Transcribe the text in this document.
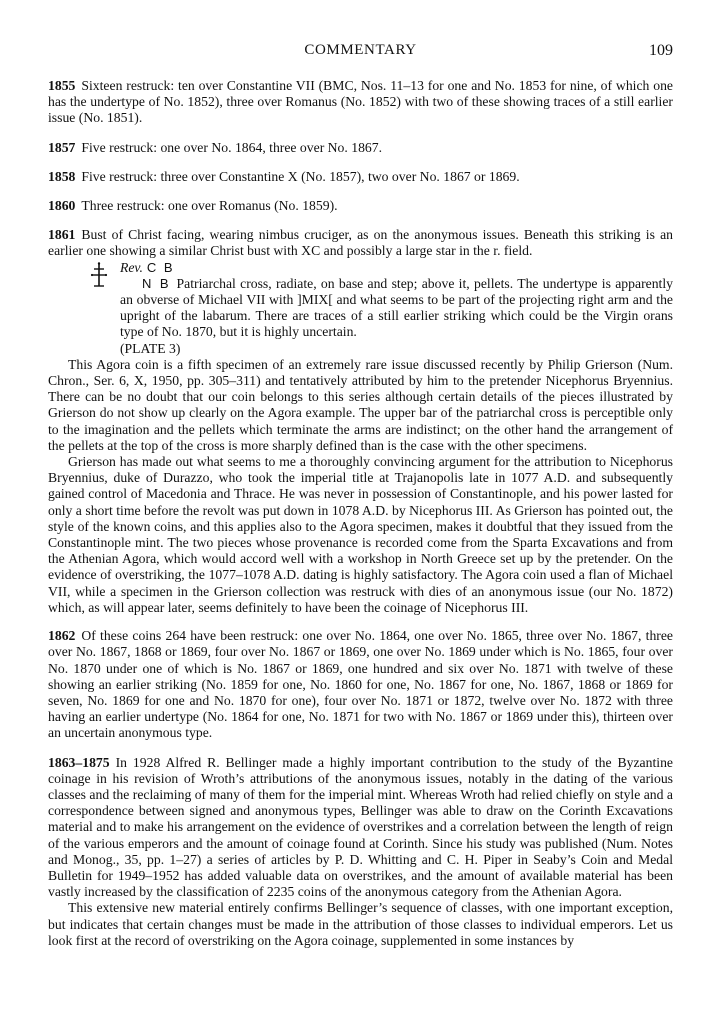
COMMENTARY	109

1855 Sixteen restruck: ten over Constantine VII (BMC, Nos. 11–13 for one and No. 1853 for nine, of which one has the undertype of No. 1852), three over Romanus (No. 1852) with two of these showing traces of a still earlier issue (No. 1851).

1857 Five restruck: one over No. 1864, three over No. 1867.

1858 Five restruck: three over Constantine X (No. 1857), two over No. 1867 or 1869.

1860 Three restruck: one over Romanus (No. 1859).

1861 Bust of Christ facing, wearing nimbus cruciger, as on the anonymous issues. Beneath this striking is an earlier one showing a similar Christ bust with XC and possibly a large star in the r. field.

Rev. C B

N B Patriarchal cross, radiate, on base and step; above it, pellets. The undertype is apparently an obverse of Michael VII with ]MIX[ and what seems to be part of the projecting right arm and the upright of the labarum. There are traces of a still earlier striking which could be the Virgin orans type of No. 1870, but it is highly uncertain.

(PLATE 3)

This Agora coin is a fifth specimen of an extremely rare issue discussed recently by Philip Grierson (Num. Chron., Ser. 6, X, 1950, pp. 305–311) and tentatively attributed by him to the pretender Nicephorus Bryennius. There can be no doubt that our coin belongs to this series although certain details of the pieces illustrated by Grierson do not show up clearly on the Agora example. The upper bar of the patriarchal cross is perceptible only to the imagination and the pellets which terminate the arms are indistinct; on the other hand the arrangement of the pellets at the top of the cross is more sharply defined than is the case with the other specimens.

Grierson has made out what seems to me a thoroughly convincing argument for the attribution to Nicephorus Bryennius, duke of Durazzo, who took the imperial title at Trajanopolis late in 1077 A.D. and subsequently gained control of Macedonia and Thrace. He was never in possession of Constantinople, and his power lasted for only a short time before the revolt was put down in 1078 A.D. by Nicephorus III. As Grierson has pointed out, the style of the known coins, and this applies also to the Agora specimen, makes it doubtful that they issued from the Constantinople mint. The two pieces whose provenance is recorded come from the Sparta Excavations and from the Athenian Agora, which would accord well with a workshop in North Greece set up by the pretender. On the evidence of overstriking, the 1077–1078 A.D. dating is highly satisfactory. The Agora coin used a flan of Michael VII, while a specimen in the Grierson collection was restruck with dies of an anonymous issue (our No. 1872) which, as will appear later, seems definitely to have been the coinage of Nicephorus III.

1862 Of these coins 264 have been restruck: one over No. 1864, one over No. 1865, three over No. 1867, three over No. 1867, 1868 or 1869, four over No. 1867 or 1869, one over No. 1869 under which is No. 1865, four over No. 1870 under one of which is No. 1867 or 1869, one hundred and six over No. 1871 with twelve of these showing an earlier striking (No. 1859 for one, No. 1860 for one, No. 1867 for one, No. 1867, 1868 or 1869 for seven, No. 1869 for one and No. 1870 for one), four over No. 1871 or 1872, twelve over No. 1872 with three having an earlier undertype (No. 1864 for one, No. 1871 for two with No. 1867 or 1869 under this), thirteen over an uncertain anonymous type.

1863–1875 In 1928 Alfred R. Bellinger made a highly important contribution to the study of the Byzantine coinage in his revision of Wroth’s attributions of the anonymous issues, notably in the dating of the various classes and the reclaiming of many of them for the imperial mint. Whereas Wroth had relied chiefly on style and a correspondence between signed and anonymous types, Bellinger was able to draw on the Corinth Excavations material and to make his arrangement on the evidence of overstrikes and a correlation between the length of reign of the various emperors and the amount of coinage found at Corinth. Since his study was published (Num. Notes and Monog., 35, pp. 1–27) a series of articles by P. D. Whitting and C. H. Piper in Seaby’s Coin and Medal Bulletin for 1949–1952 has added valuable data on overstrikes, and the amount of available material has been vastly increased by the classification of 2235 coins of the anonymous category from the Athenian Agora.

This extensive new material entirely confirms Bellinger’s sequence of classes, with one important exception, but indicates that certain changes must be made in the attribution of those classes to individual emperors. Let us look first at the record of overstriking on the Agora coinage, supplemented in some instances by
